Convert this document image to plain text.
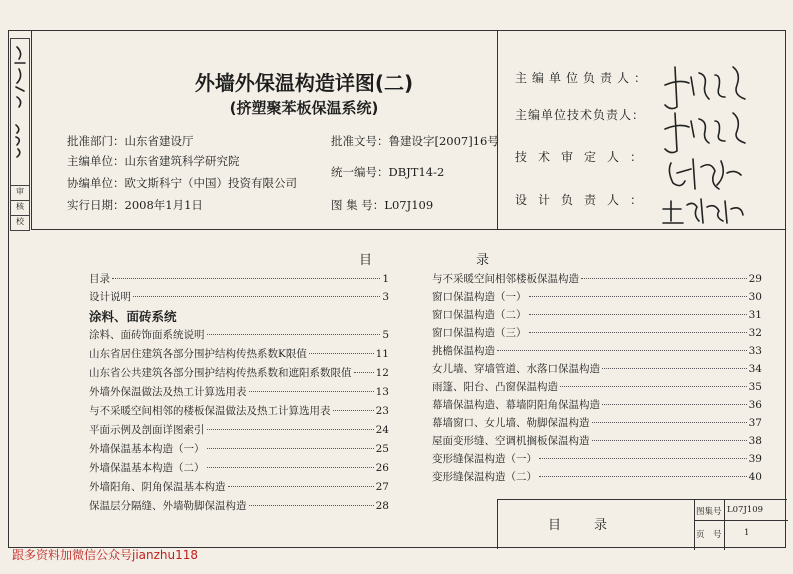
审
核
校
外墙外保温构造详图(二)
(挤塑聚苯板保温系统)
批准部门：山东省建设厅
主编单位：山东省建筑科学研究院
协编单位：欧文斯科宁（中国）投资有限公司
实行日期：2008年1月1日
批准文号：鲁建设字[2007]16号
统一编号：DBJT14-2
图 集 号：L07J109
主编单位负责人：
主编单位技术负责人：
技术审定人：
设计负责人：
目　　　　　　　　录
目录	1
设计说明	3
涂料、面砖系统
涂料、面砖饰面系统说明	5
山东省居住建筑各部分围护结构传热系数K限值	11
山东省公共建筑各部分围护结构传热系数和遮阳系数限值 12
外墙外保温做法及热工计算选用表	13
与不采暖空间相邻的楼板保温做法及热工计算选用表	23
平面示例及剖面详图索引	24
外墙保温基本构造（一）	25
外墙保温基本构造（二）	26
外墙阳角、阴角保温基本构造	27
保温层分隔缝、外墙勒脚保温构造	28
与不采暖空间相邻楼板保温构造	29
窗口保温构造（一）	30
窗口保温构造（二）	31
窗口保温构造（三）	32
挑檐保温构造	33
女儿墙、穿墙管道、水落口保温构造	34
雨篷、阳台、凸窗保温构造	35
幕墙保温构造、幕墙阴阳角保温构造	36
幕墙窗口、女儿墙、勒脚保温构造	37
屋面变形缝、空调机搁板保温构造	38
变形缝保温构造（一）	39
变形缝保温构造（二）	40
目　录
图集号 L07J109
页　号	1
跟多资料加微信公众号jianzhu118
